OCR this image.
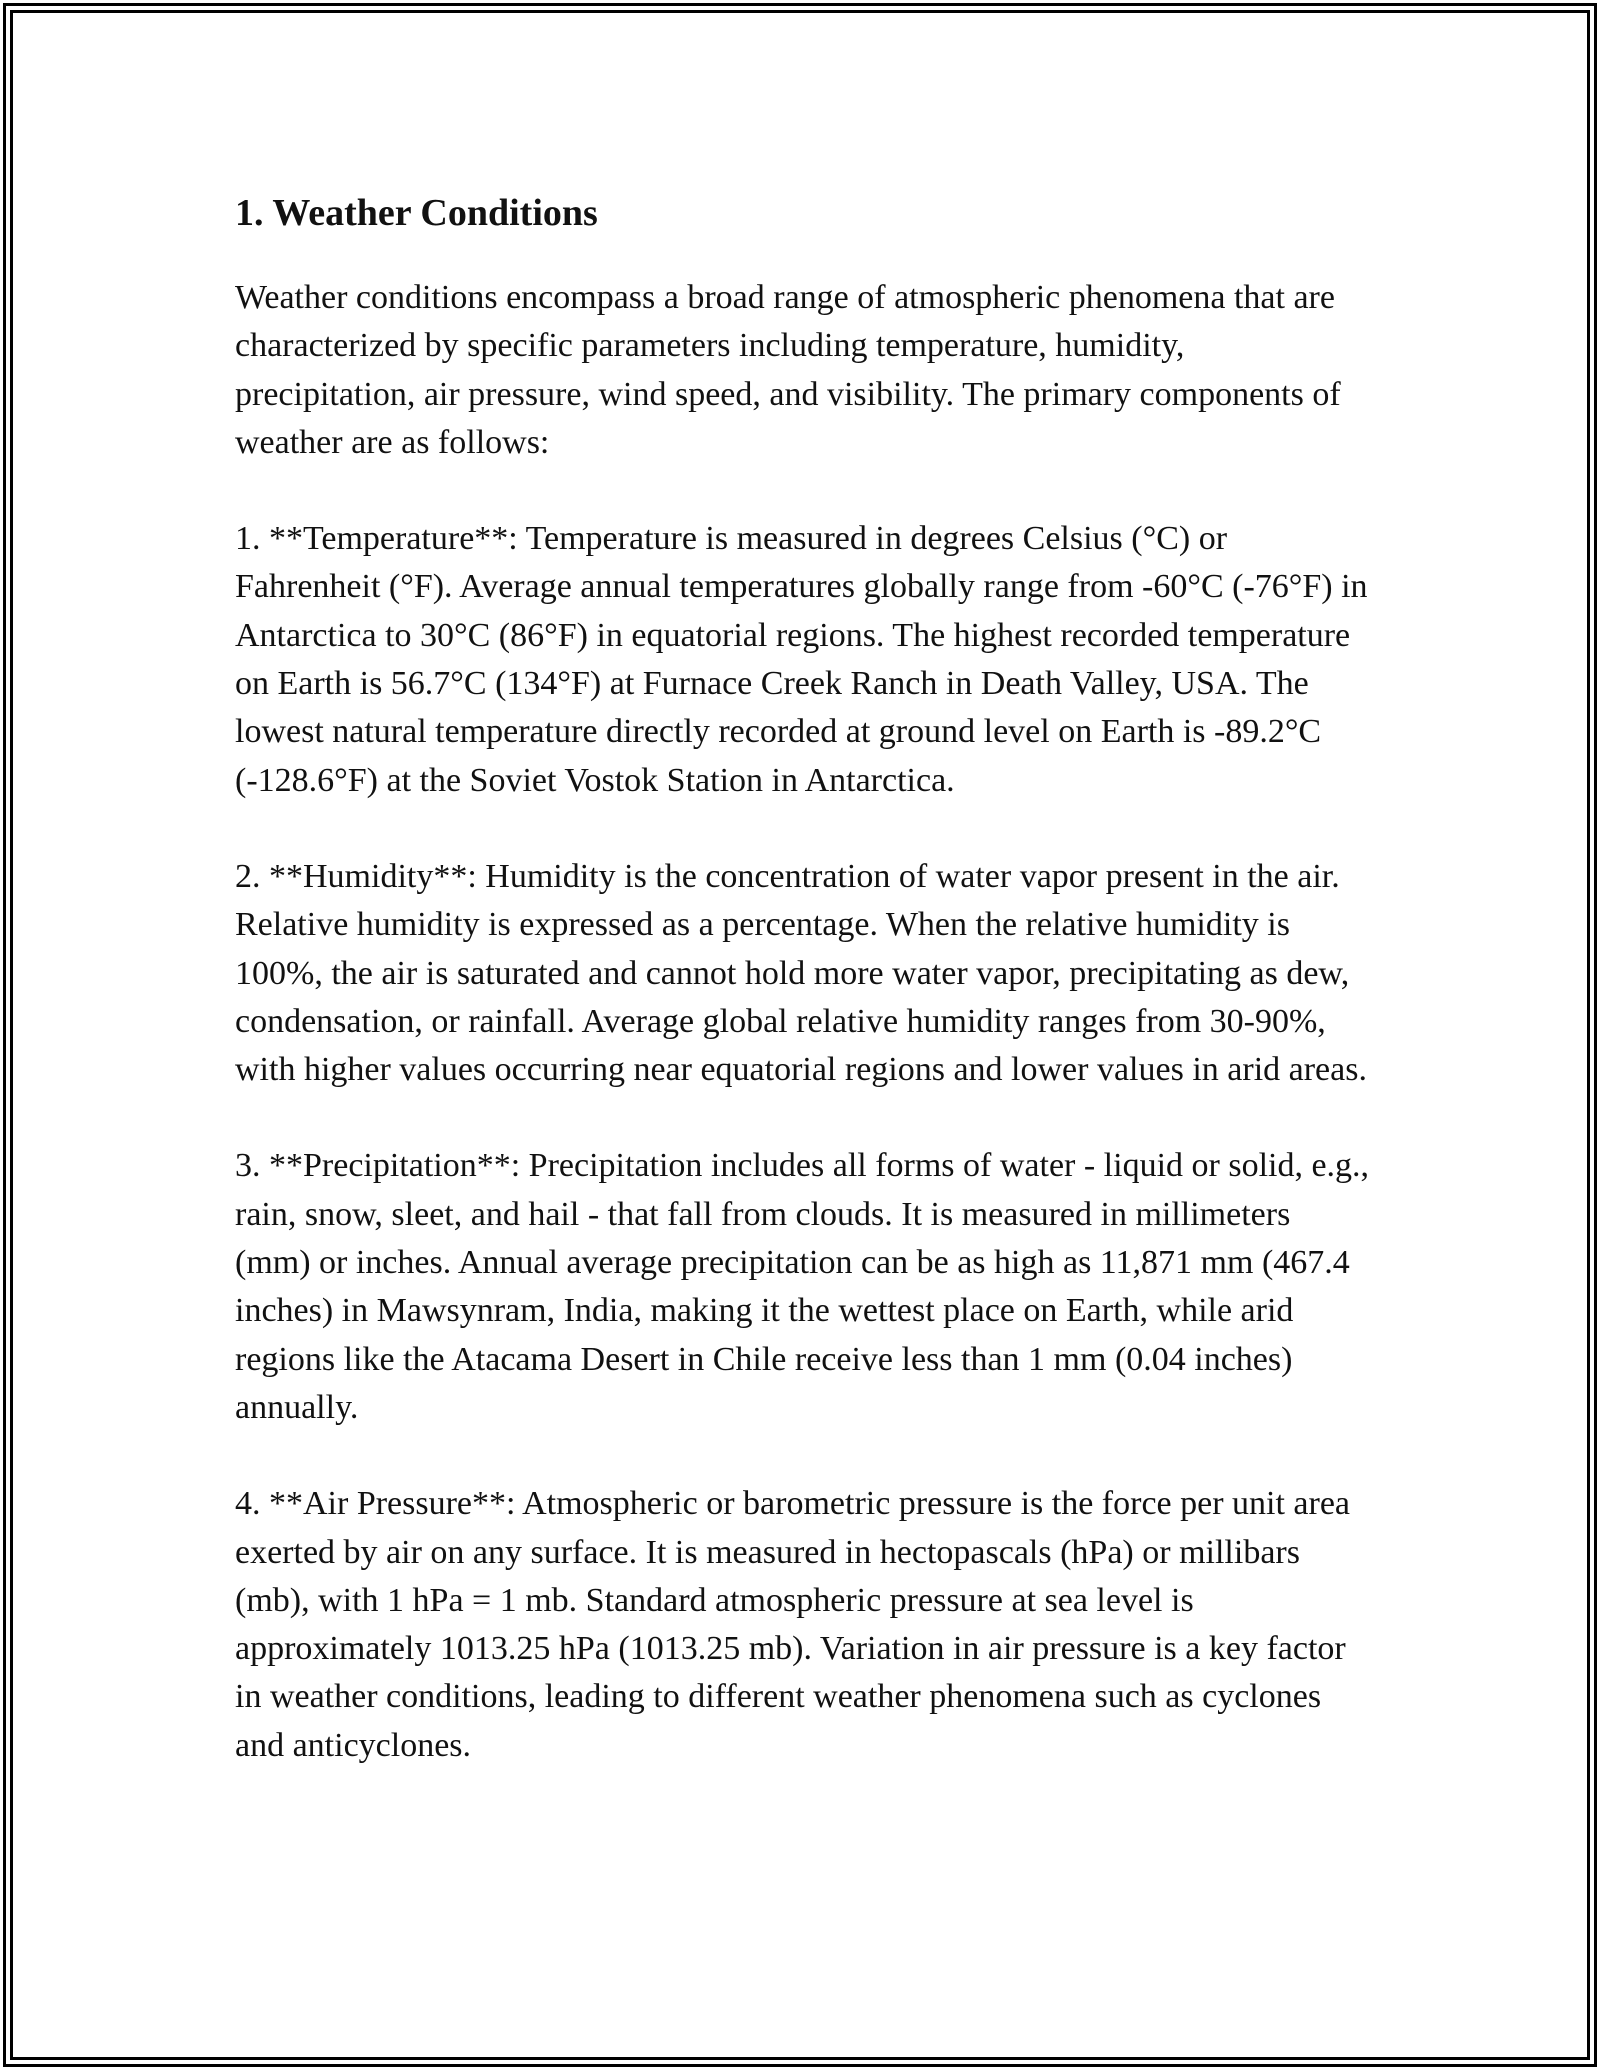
1. Weather Conditions

Weather conditions encompass a broad range of atmospheric phenomena that are characterized by specific parameters including temperature, humidity, precipitation, air pressure, wind speed, and visibility. The primary components of weather are as follows:

1. **Temperature**: Temperature is measured in degrees Celsius (°C) or Fahrenheit (°F). Average annual temperatures globally range from -60°C (-76°F) in Antarctica to 30°C (86°F) in equatorial regions. The highest recorded temperature on Earth is 56.7°C (134°F) at Furnace Creek Ranch in Death Valley, USA. The lowest natural temperature directly recorded at ground level on Earth is -89.2°C (-128.6°F) at the Soviet Vostok Station in Antarctica.

2. **Humidity**: Humidity is the concentration of water vapor present in the air. Relative humidity is expressed as a percentage. When the relative humidity is 100%, the air is saturated and cannot hold more water vapor, precipitating as dew, condensation, or rainfall. Average global relative humidity ranges from 30-90%, with higher values occurring near equatorial regions and lower values in arid areas.

3. **Precipitation**: Precipitation includes all forms of water - liquid or solid, e.g., rain, snow, sleet, and hail - that fall from clouds. It is measured in millimeters (mm) or inches. Annual average precipitation can be as high as 11,871 mm (467.4 inches) in Mawsynram, India, making it the wettest place on Earth, while arid regions like the Atacama Desert in Chile receive less than 1 mm (0.04 inches) annually.

4. **Air Pressure**: Atmospheric or barometric pressure is the force per unit area exerted by air on any surface. It is measured in hectopascals (hPa) or millibars (mb), with 1 hPa = 1 mb. Standard atmospheric pressure at sea level is approximately 1013.25 hPa (1013.25 mb). Variation in air pressure is a key factor in weather conditions, leading to different weather phenomena such as cyclones and anticyclones.
